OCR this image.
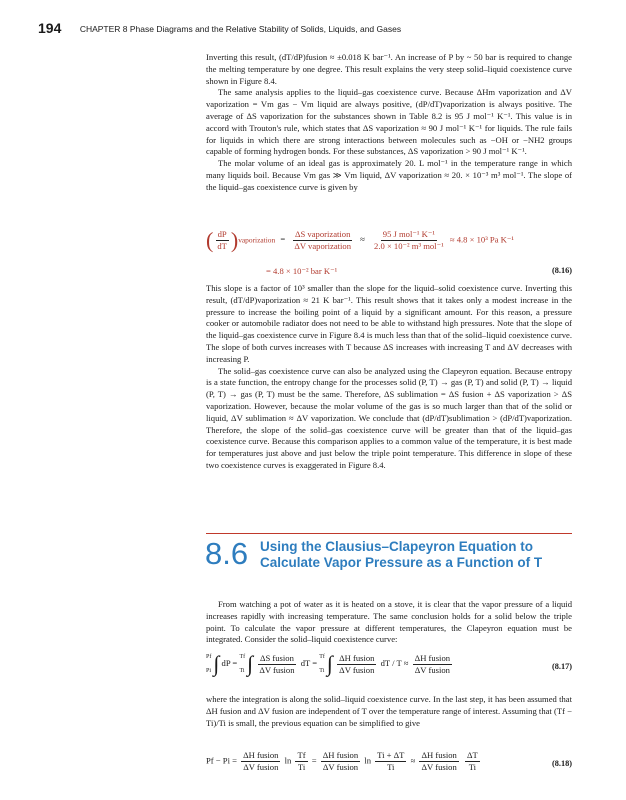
194 CHAPTER 8 Phase Diagrams and the Relative Stability of Solids, Liquids, and Gases

Inverting this result, (dT/dP)fusion ≈ ±0.018 K bar⁻¹. An increase of P by ~ 50 bar is required to change the melting temperature by one degree. This result explains the very steep solid–liquid coexistence curve shown in Figure 8.4.

The same analysis applies to the liquid–gas coexistence curve. Because ΔHm vaporization and ΔV vaporization = Vm gas − Vm liquid are always positive, (dP/dT)vaporization is always positive. The average of ΔS vaporization for the substances shown in Table 8.2 is 95 J mol⁻¹ K⁻¹. This value is in accord with Trouton's rule, which states that ΔS vaporization ≈ 90 J mol⁻¹ K⁻¹ for liquids. The rule fails for liquids in which there are strong interactions between molecules such as −OH or −NH2 groups capable of forming hydrogen bonds. For these substances, ΔS vaporization > 90 J mol⁻¹ K⁻¹.

The molar volume of an ideal gas is approximately 20. L mol⁻¹ in the temperature range in which many liquids boil. Because Vm gas ≫ Vm liquid, ΔV vaporization ≈ 20. × 10⁻³ m³ mol⁻¹. The slope of the liquid–gas coexistence curve is given by

( $\frac{dP}{dT}$ )vaporization = $\frac{\text{ΔS vaporization}}{\text{ΔV vaporization}} \approx \frac{\text{95 J mol⁻¹ K⁻¹}}{\text{2.0 × 10⁻² m³ mol⁻¹}} \approx 4.8 \times 10^3$ Pa K⁻¹
= 4.8 × 10⁻² bar K⁻¹	(8.16)

This slope is a factor of 10³ smaller than the slope for the liquid–solid coexistence curve. Inverting this result, (dT/dP)vaporization ≈ 21 K bar⁻¹. This result shows that it takes only a modest increase in the pressure to increase the boiling point of a liquid by a significant amount. For this reason, a pressure cooker or automobile radiator does not need to be able to withstand high pressures. Note that the slope of the liquid–gas coexistence curve in Figure 8.4 is much less than that of the solid–liquid coexistence curve. The slope of both curves increases with T because ΔS increases with increasing T and ΔV decreases with increasing P.

The solid–gas coexistence curve can also be analyzed using the Clapeyron equation. Because entropy is a state function, the entropy change for the processes solid (P, T) → gas (P, T) and solid (P, T) → liquid (P, T) → gas (P, T) must be the same. Therefore, ΔS sublimation = ΔS fusion + ΔS vaporization > ΔS vaporization. However, because the molar volume of the gas is so much larger than that of the solid or liquid, ΔV sublimation ≈ ΔV vaporization. We conclude that (dP/dT)sublimation > (dP/dT)vaporization. Therefore, the slope of the solid–gas coexistence curve will be greater than that of the liquid–gas coexistence curve. Because this comparison applies to a common value of the temperature, it is best made for temperatures just above and just below the triple point temperature. This difference in slope of these two coexistence curves is exaggerated in Figure 8.4.

8.6 Using the Clausius–Clapeyron Equation to Calculate Vapor Pressure as a Function of T

From watching a pot of water as it is heated on a stove, it is clear that the vapor pressure of a liquid increases rapidly with increasing temperature. The same conclusion holds for a solid below the triple point. To calculate the vapor pressure at different temperatures, the Clapeyron equation must be integrated. Consider the solid–liquid coexistence curve:

Pf
Pi ∫ dP =
Tf
Ti ∫ $\frac{\text{ΔS fusion}}{\text{ΔV fusion}}$ dT =
Tf
Ti ∫ $\frac{\text{ΔH fusion}}{\text{ΔV fusion}}$ dT / $T \approx \frac{\text{ΔH fusion}}{\text{ΔV fusion}}$	(8.17)

where the integration is along the solid–liquid coexistence curve. In the last step, it has been assumed that ΔH fusion and ΔV fusion are independent of T over the temperature range of interest. Assuming that (Tf − Ti)/Ti is small, the previous equation can be simplified to give

$Pf - Pi = \frac{\text{ΔH fusion}}{\text{ΔV fusion}}$ $\ln \frac{Tf}{Ti} = \frac{\text{ΔH fusion}}{\text{ΔV fusion}}$ $\ln \frac{Ti + \Delta T}{Ti} \approx \frac{\text{ΔH fusion}}{\text{ΔV fusion}}$
$\frac{\Delta T}{Ti}$	(8.18)
